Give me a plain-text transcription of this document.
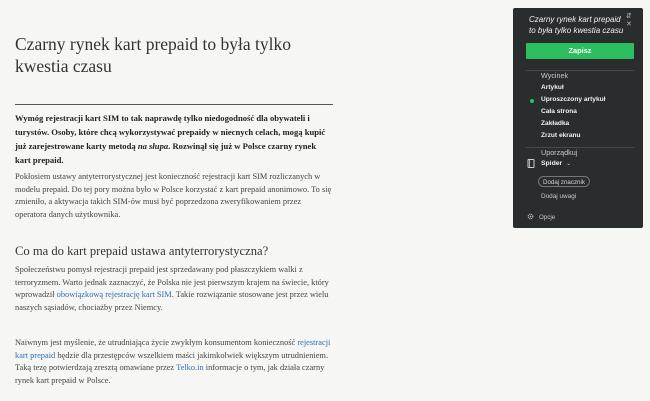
Czarny rynek kart prepaid to była tylko kwestia czasu

Wymóg rejestracji kart SIM to tak naprawdę tylko niedogodność dla obywateli i turystów. Osoby, które chcą wykorzystywać prepaidy w niecnych celach, mogą kupić już zarejestrowane karty metodą na słupa. Rozwinął się już w Polsce czarny rynek kart prepaid.

Pokłosiem ustawy antyterrorystycznej jest konieczność rejestracji kart SIM rozliczanych w modelu prepaid. Do tej pory można było w Polsce korzystać z kart prepaid anonimowo. To się zmieniło, a aktywacja takich SIM-ów musi być poprzedzona zweryfikowaniem przez operatora danych użytkownika.

Co ma do kart prepaid ustawa antyterrorystyczna?

Społeczeństwu pomysł rejestracji prepaid jest sprzedawany pod płaszczykiem walki z terroryzmem. Warto jednak zaznaczyć, że Polska nie jest pierwszym krajem na świecie, który wprowadził obowiązkową rejestrację kart SIM. Takie rozwiązanie stosowane jest przez wielu naszych sąsiadów, chociażby przez Niemcy.

Naiwnym jest myślenie, że utrudniająca życie zwykłym konsumentom konieczność rejestracji kart prepaid będzie dla przestępców wszelkiem maści jakimkolwiek większym utrudnieniem. Taką tezę potwierdzają zresztą omawiane przez Telko.in informacje o tym, jak działa czarny rynek kart prepaid w Polsce.

Czarny rynek kart prepaid to była tylko kwestia czasu
⇵ ✕
Zapisz
Wycinek
Artykuł
Uproszczony artykuł
Cała strona
Zakładka
Zrzut ekranu
Uporządkuj
Spider ⌄
Dodaj znacznik
Dodaj uwagi
Opcje
